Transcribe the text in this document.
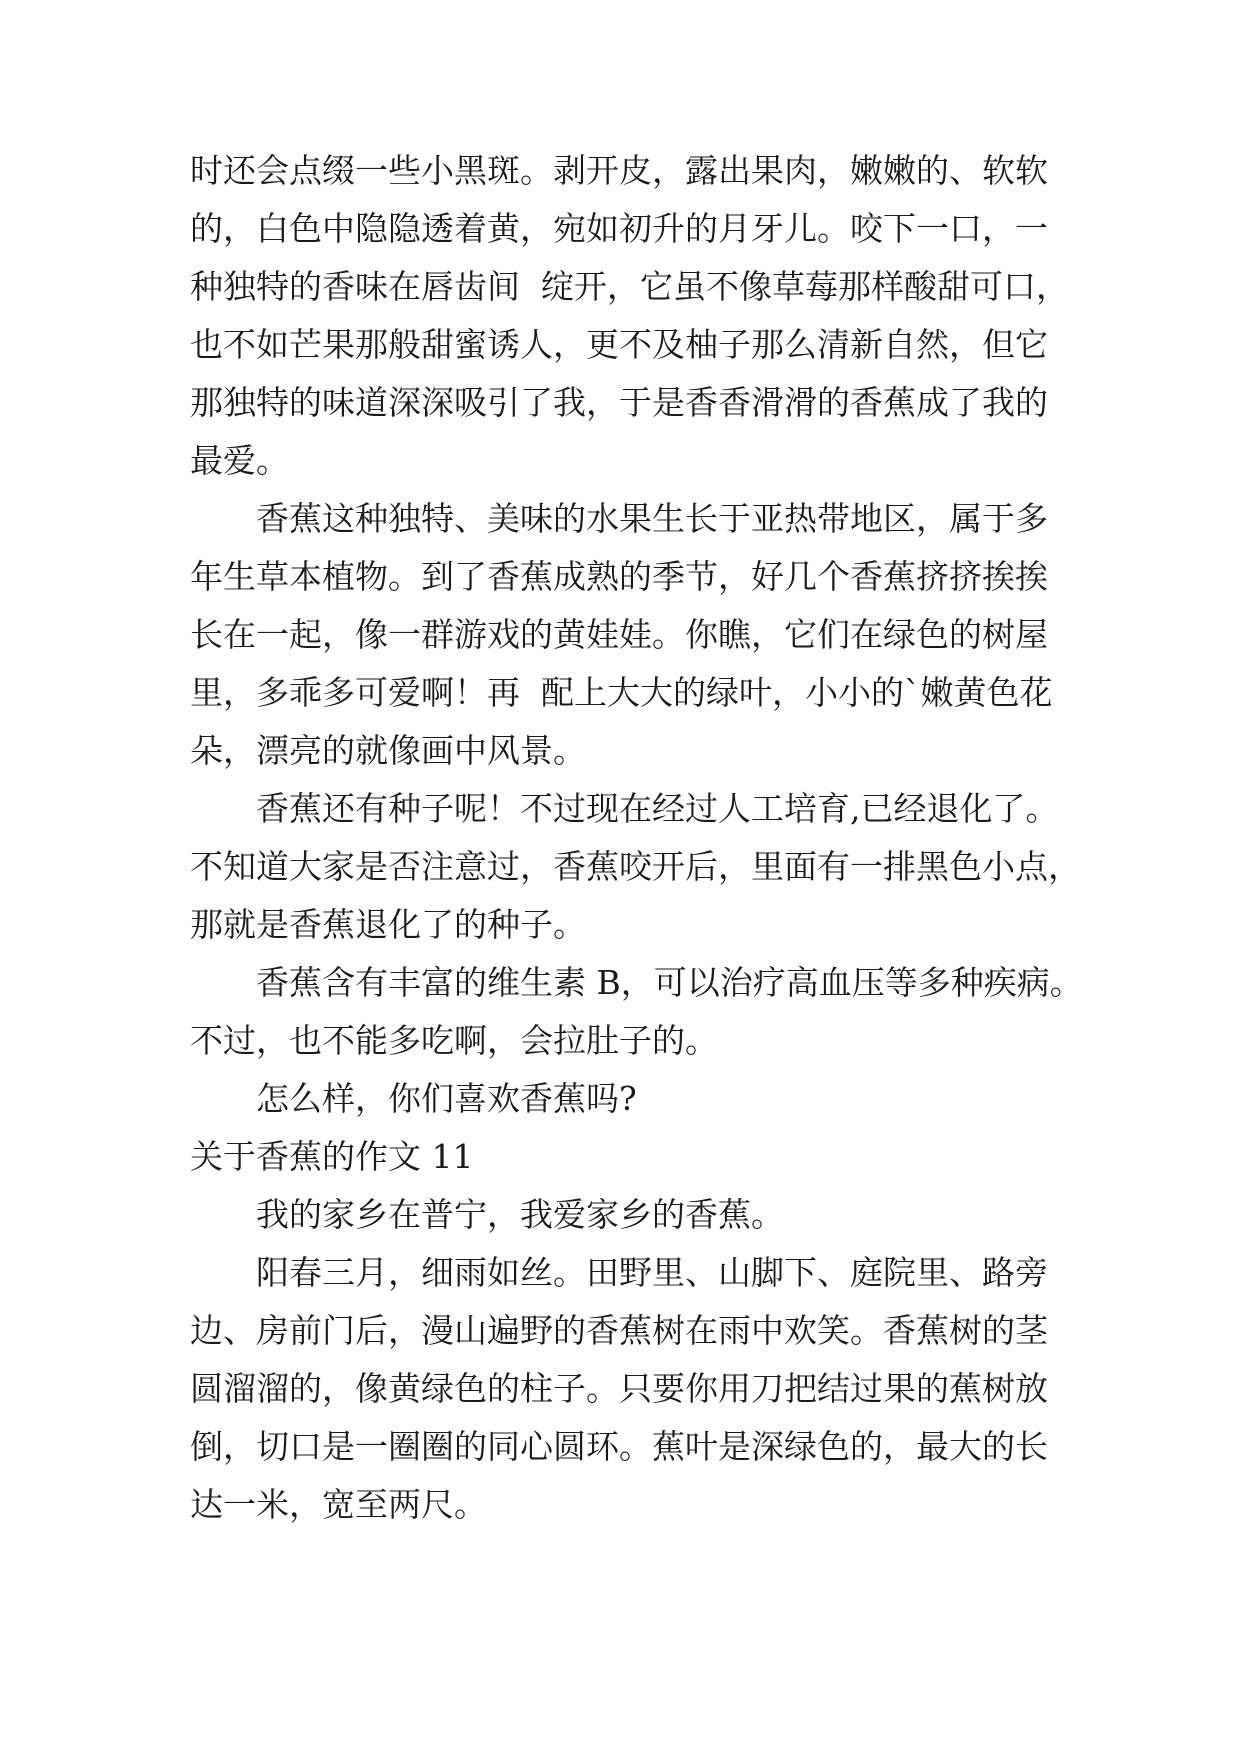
时还会点缀一些小黑斑。剥开皮，露出果肉，嫩嫩的、软软
的，白色中隐隐透着黄，宛如初升的月牙儿。咬下一口，一
种独特的香味在唇齿间  绽开，它虽不像草莓那样酸甜可口，
也不如芒果那般甜蜜诱人，更不及柚子那么清新自然，但它
那独特的味道深深吸引了我，于是香香滑滑的香蕉成了我的
最爱。
香蕉这种独特、美味的水果生长于亚热带地区，属于多
年生草本植物。到了香蕉成熟的季节，好几个香蕉挤挤挨挨
长在一起，像一群游戏的黄娃娃。你瞧，它们在绿色的树屋
里，多乖多可爱啊！再  配上大大的绿叶，小小的`嫩黄色花
朵，漂亮的就像画中风景。
香蕉还有种子呢！不过现在经过人工培育,已经退化了。
不知道大家是否注意过，香蕉咬开后，里面有一排黑色小点，
那就是香蕉退化了的种子。
香蕉含有丰富的维生素 B，可以治疗高血压等多种疾病。
不过，也不能多吃啊，会拉肚子的。
怎么样，你们喜欢香蕉吗?
关于香蕉的作文 11
我的家乡在普宁，我爱家乡的香蕉。
阳春三月，细雨如丝。田野里、山脚下、庭院里、路旁
边、房前门后，漫山遍野的香蕉树在雨中欢笑。香蕉树的茎
圆溜溜的，像黄绿色的柱子。只要你用刀把结过果的蕉树放
倒，切口是一圈圈的同心圆环。蕉叶是深绿色的，最大的长
达一米，宽至两尺。
